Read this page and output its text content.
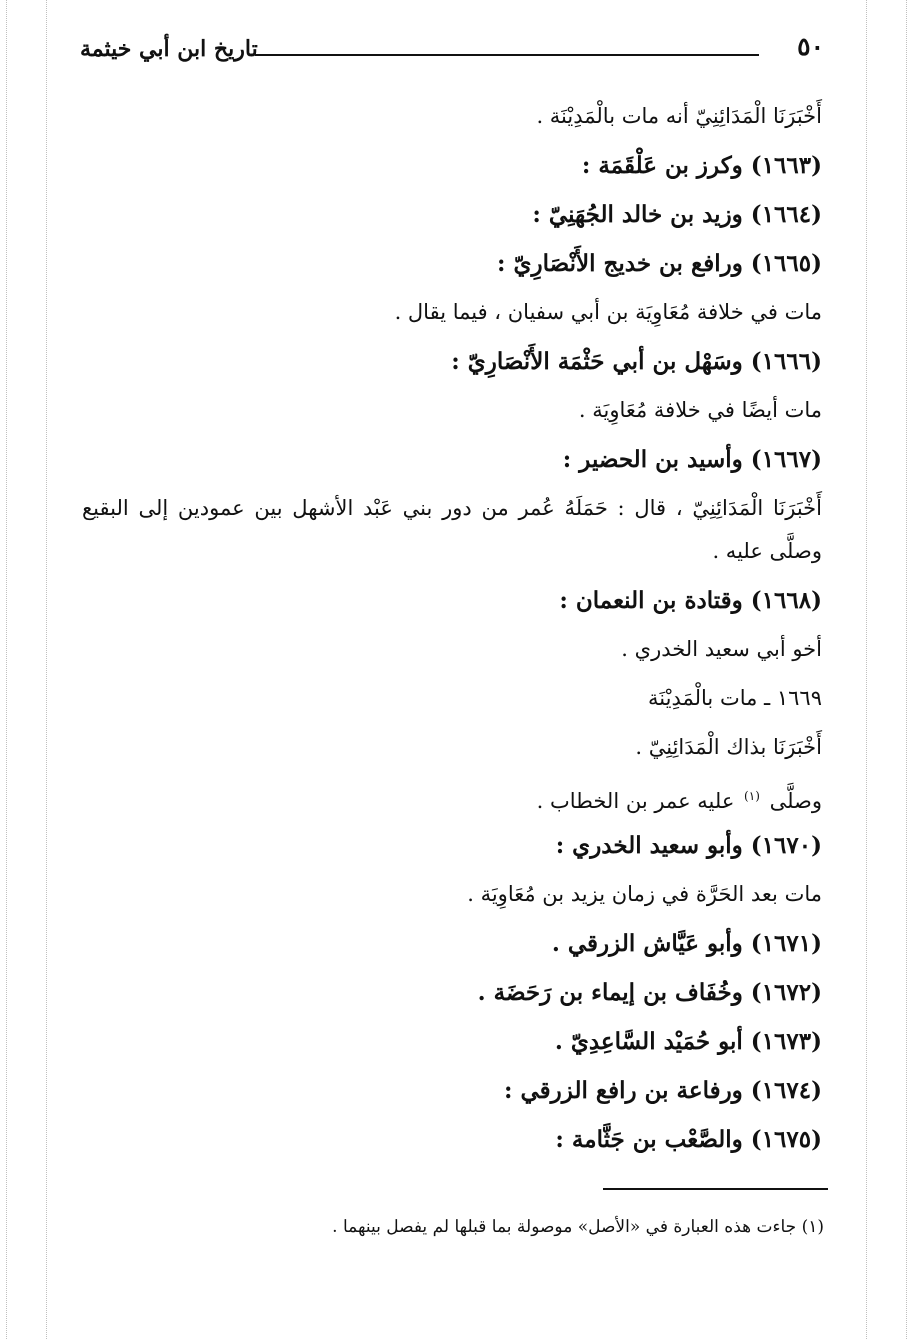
٥٠
تاريخ ابن أبي خيثمة
أَخْبَرَنَا الْمَدَائِنِيّ أنه مات بالْمَدِيْنَة .
(١٦٦٣) وكرز بن عَلْقَمَة :
(١٦٦٤) وزيد بن خالد الجُهَنِيّ :
(١٦٦٥) ورافع بن خديج الأَنْصَارِيّ :
مات في خلافة مُعَاوِيَة بن أبي سفيان ، فيما يقال .
(١٦٦٦) وسَهْل بن أبي حَثْمَة الأَنْصَارِيّ :
مات أيضًا في خلافة مُعَاوِيَة .
(١٦٦٧) وأسيد بن الحضير :
أَخْبَرَنَا الْمَدَائِنِيّ ، قال : حَمَلَهُ عُمر من دور بني عَبْد الأشهل بين عمودين إلى البقيع وصلَّى عليه .
(١٦٦٨) وقتادة بن النعمان :
أخو أبي سعيد الخدري .
١٦٦٩ ـ مات بالْمَدِيْنَة
أَخْبَرَنَا بذاك الْمَدَائِنِيّ .
وصلَّى $^{(١)}$ عليه عمر بن الخطاب .
(١٦٧٠) وأبو سعيد الخدري :
مات بعد الحَرَّة في زمان يزيد بن مُعَاوِيَة .
(١٦٧١) وأبو عَيَّاش الزرقي .
(١٦٧٢) وخُفَاف بن إيماء بن رَحَضَة .
(١٦٧٣) أبو حُمَيْد السَّاعِدِيّ .
(١٦٧٤) ورفاعة بن رافع الزرقي :
(١٦٧٥) والصَّعْب بن جَثَّامة :
(١) جاءت هذه العبارة في «الأصل» موصولة بما قبلها لم يفصل بينهما .
